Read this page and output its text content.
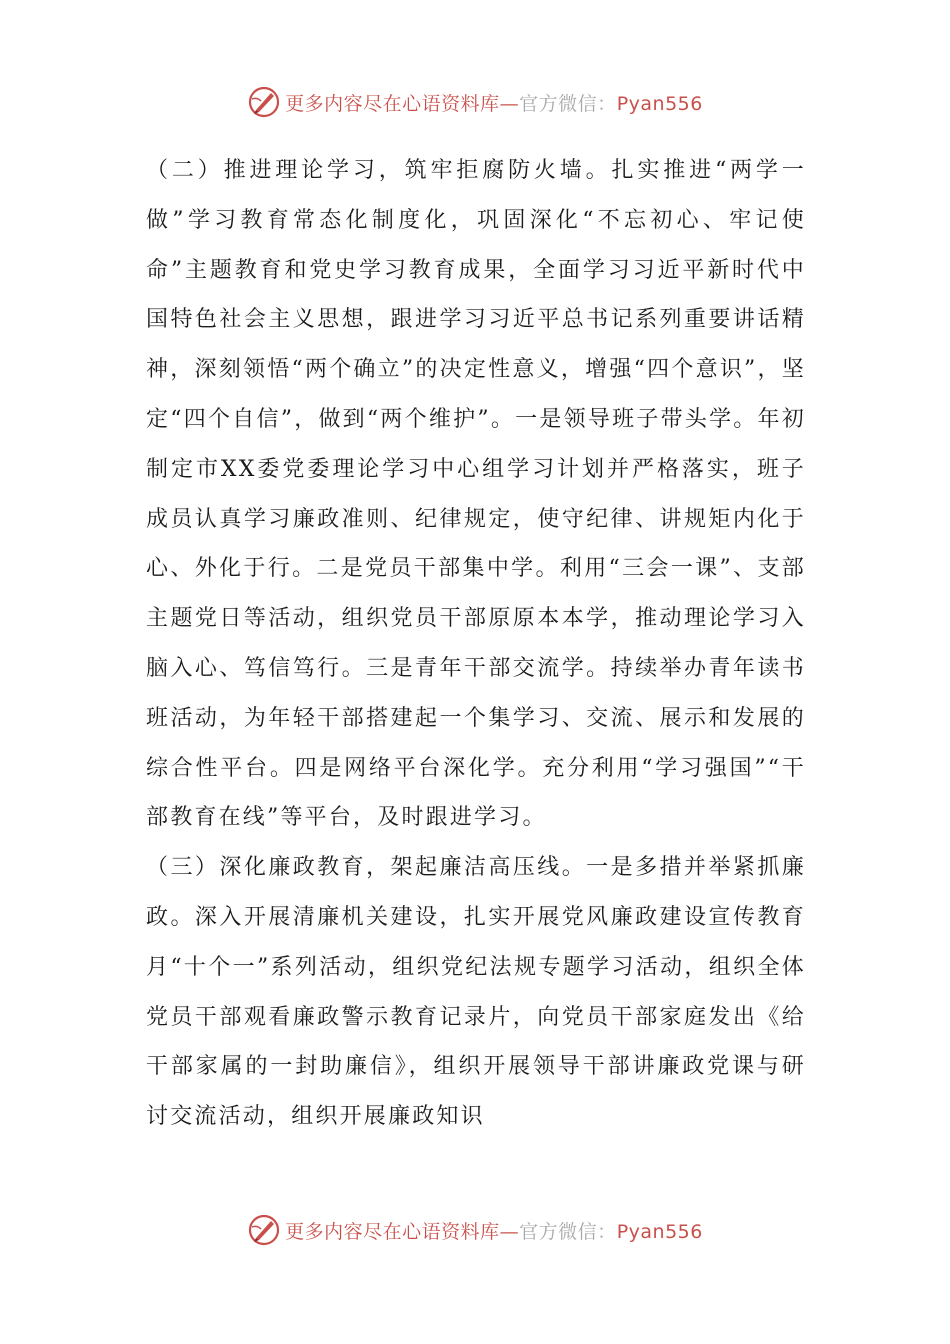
更多内容尽在心语资料库—官方微信：Pyan556

（二）推进理论学习，筑牢拒腐防火墙。扎实推进“两学一做”学习教育常态化制度化，巩固深化“不忘初心、牢记使命”主题教育和党史学习教育成果，全面学习习近平新时代中国特色社会主义思想，跟进学习习近平总书记系列重要讲话精神，深刻领悟“两个确立”的决定性意义，增强“四个意识”，坚定“四个自信”，做到“两个维护”。一是领导班子带头学。年初制定市XX委党委理论学习中心组学习计划并严格落实，班子成员认真学习廉政准则、纪律规定，使守纪律、讲规矩内化于心、外化于行。二是党员干部集中学。利用“三会一课”、支部主题党日等活动，组织党员干部原原本本学，推动理论学习入脑入心、笃信笃行。三是青年干部交流学。持续举办青年读书班活动，为年轻干部搭建起一个集学习、交流、展示和发展的综合性平台。四是网络平台深化学。充分利用“学习强国”“干部教育在线”等平台，及时跟进学习。

（三）深化廉政教育，架起廉洁高压线。一是多措并举紧抓廉政。深入开展清廉机关建设，扎实开展党风廉政建设宣传教育月“十个一”系列活动，组织党纪法规专题学习活动，组织全体党员干部观看廉政警示教育记录片，向党员干部家庭发出《给干部家属的一封助廉信》，组织开展领导干部讲廉政党课与研讨交流活动，组织开展廉政知识

更多内容尽在心语资料库—官方微信：Pyan556
